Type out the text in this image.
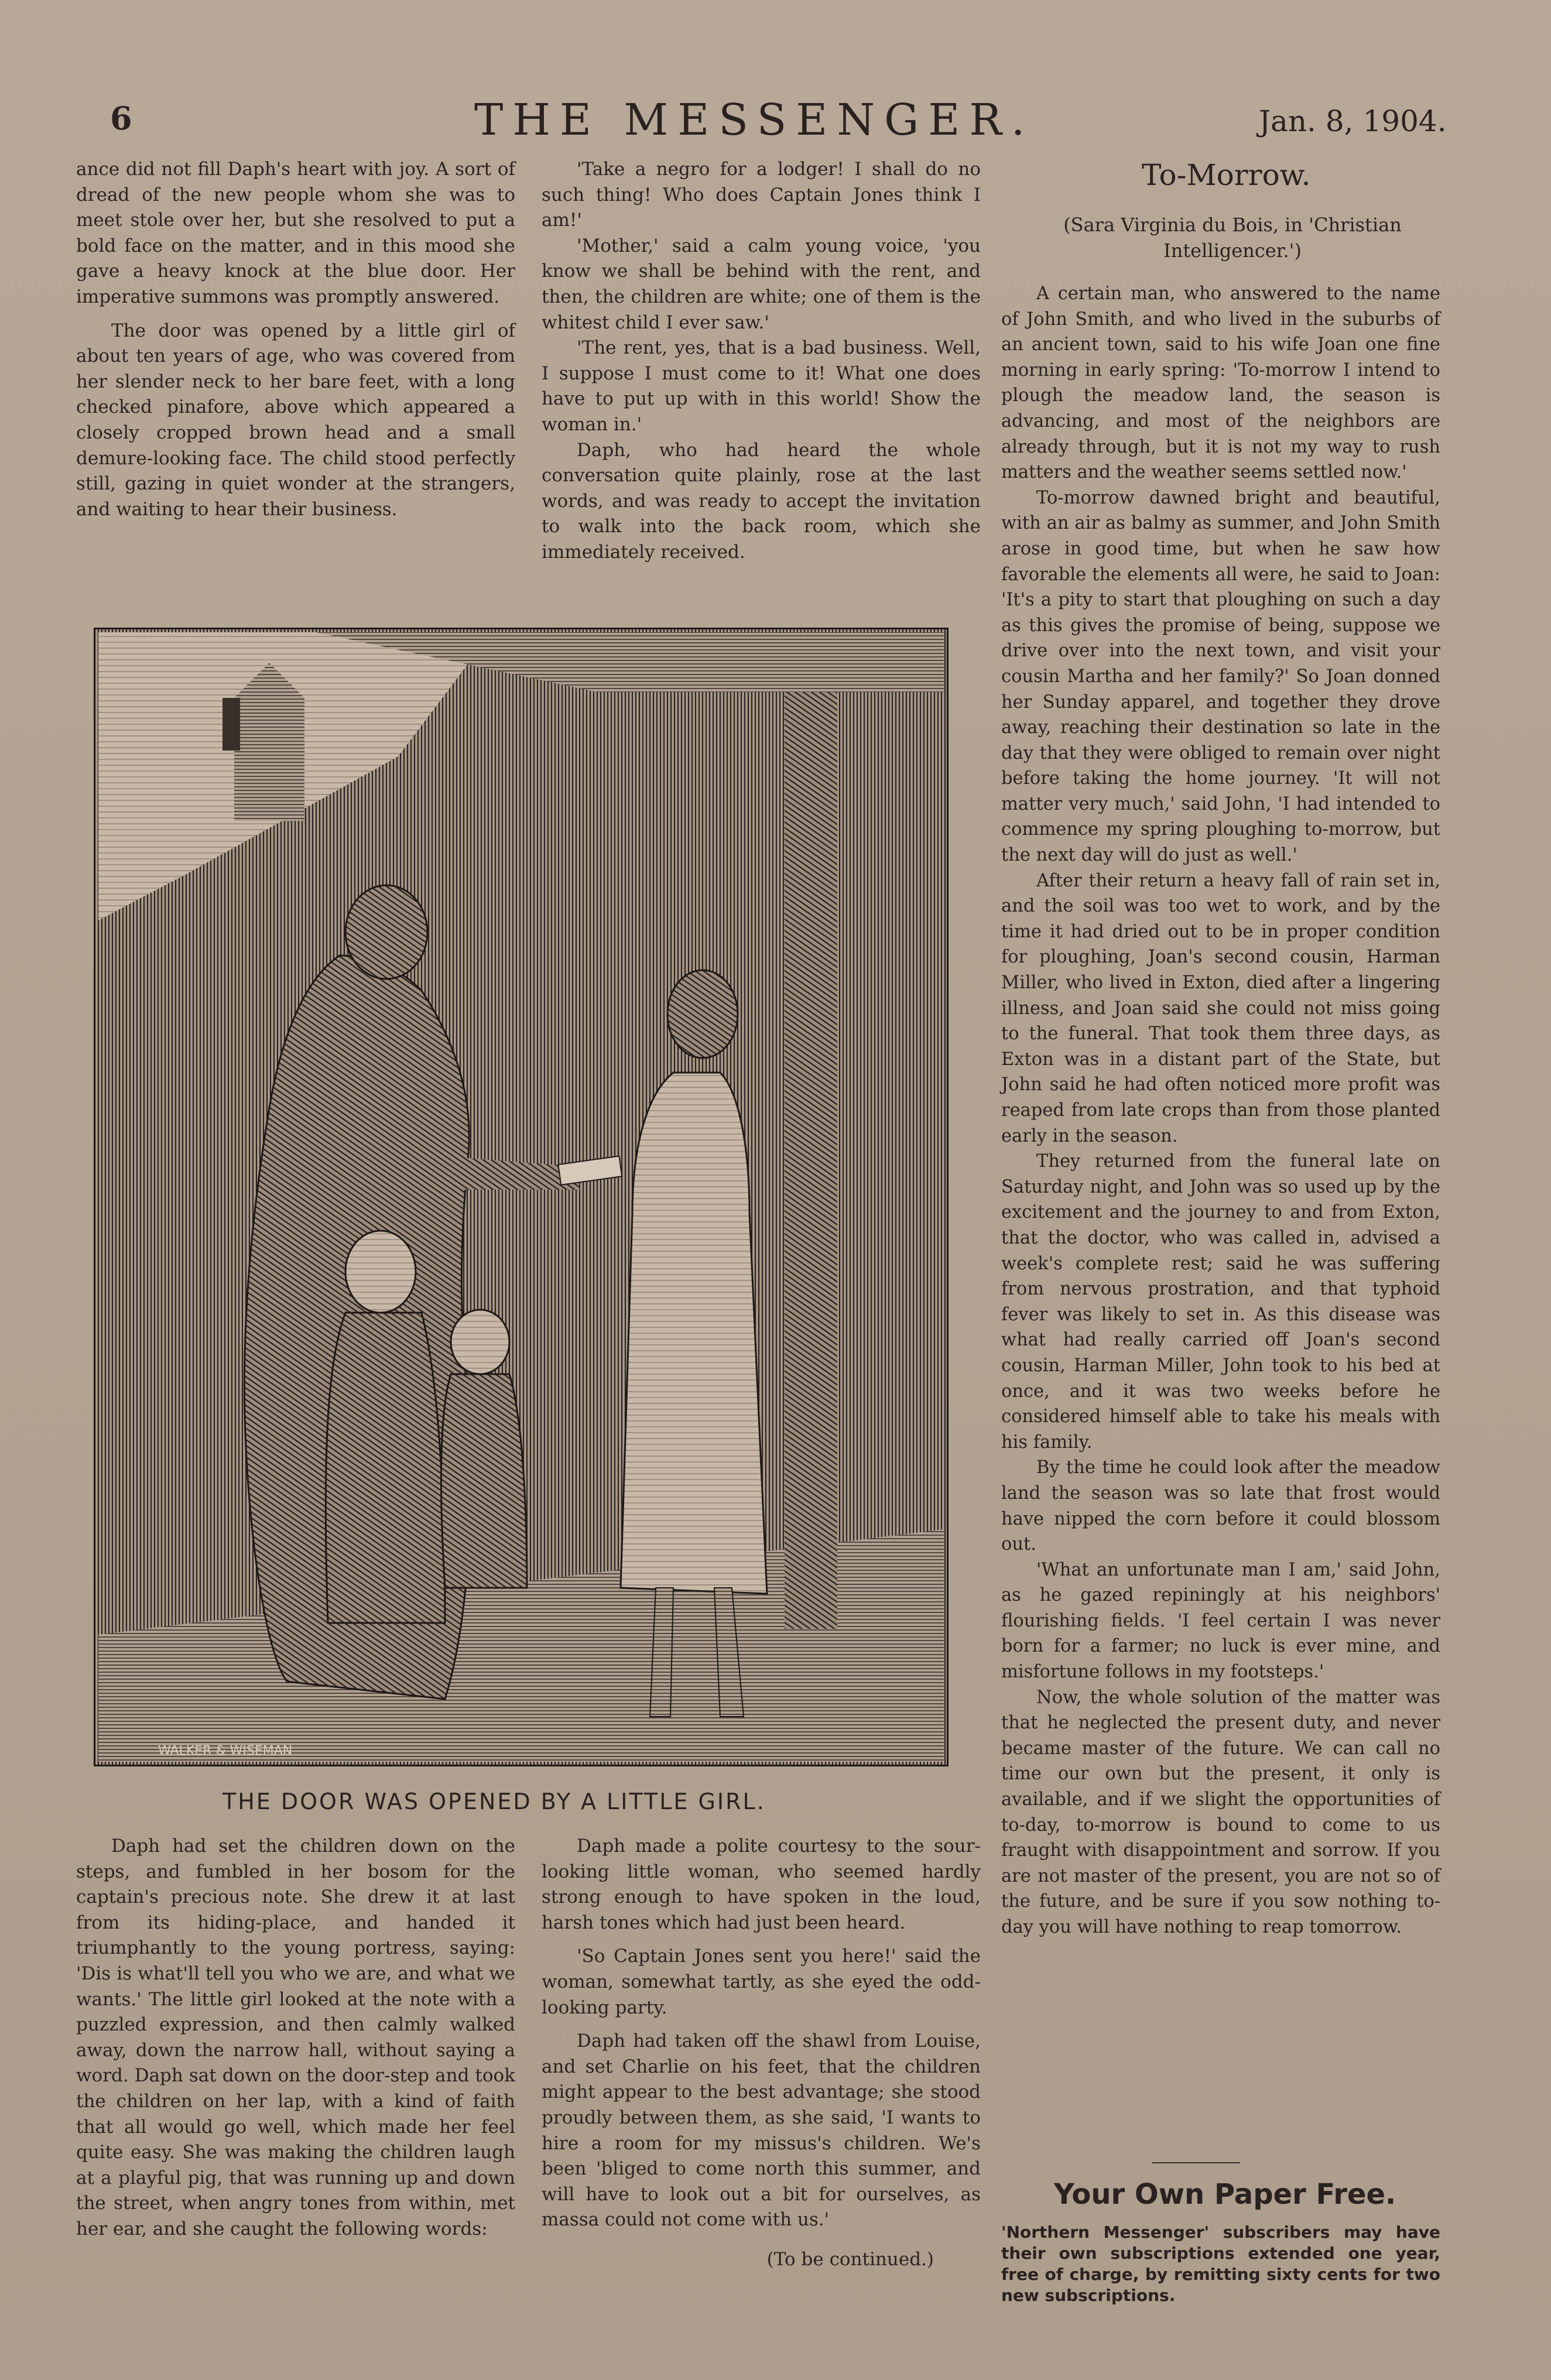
6	THE MESSENGER.	Jan. 8, 1904.

ance did not fill Daph's heart with joy. A sort of dread of the new people whom she was to meet stole over her, but she resolved to put a bold face on the matter, and in this mood she gave a heavy knock at the blue door. Her imperative summons was promptly answered.

The door was opened by a little girl of about ten years of age, who was covered from her slender neck to her bare feet, with a long checked pinafore, above which appeared a closely cropped brown head and a small demure-looking face. The child stood perfectly still, gazing in quiet wonder at the strangers, and waiting to hear their business.

'Take a negro for a lodger! I shall do no such thing! Who does Captain Jones think I am!'

'Mother,' said a calm young voice, 'you know we shall be behind with the rent, and then, the children are white; one of them is the whitest child I ever saw.'

'The rent, yes, that is a bad business. Well, I suppose I must come to it! What one does have to put up with in this world! Show the woman in.'

Daph, who had heard the whole conversation quite plainly, rose at the last words, and was ready to accept the invitation to walk into the back room, which she immediately received.

WALKER & WISEMAN
THE DOOR WAS OPENED BY A LITTLE GIRL.

Daph had set the children down on the steps, and fumbled in her bosom for the captain's precious note. She drew it at last from its hiding-place, and handed it triumphantly to the young portress, saying: 'Dis is what'll tell you who we are, and what we wants.' The little girl looked at the note with a puzzled expression, and then calmly walked away, down the narrow hall, without saying a word. Daph sat down on the door-step and took the children on her lap, with a kind of faith that all would go well, which made her feel quite easy. She was making the children laugh at a playful pig, that was running up and down the street, when angry tones from within, met her ear, and she caught the following words:

Daph made a polite courtesy to the sour-looking little woman, who seemed hardly strong enough to have spoken in the loud, harsh tones which had just been heard.

'So Captain Jones sent you here!' said the woman, somewhat tartly, as she eyed the odd-looking party.

Daph had taken off the shawl from Louise, and set Charlie on his feet, that the children might appear to the best advantage; she stood proudly between them, as she said, 'I wants to hire a room for my missus's children. We's been 'bliged to come north this summer, and will have to look out a bit for ourselves, as massa could not come with us.'

(To be continued.)

To-Morrow.
(Sara Virginia du Bois, in 'Christian Intelligencer.')

A certain man, who answered to the name of John Smith, and who lived in the suburbs of an ancient town, said to his wife Joan one fine morning in early spring: 'To-morrow I intend to plough the meadow land, the season is advancing, and most of the neighbors are already through, but it is not my way to rush matters and the weather seems settled now.'

To-morrow dawned bright and beautiful, with an air as balmy as summer, and John Smith arose in good time, but when he saw how favorable the elements all were, he said to Joan: 'It's a pity to start that ploughing on such a day as this gives the promise of being, suppose we drive over into the next town, and visit your cousin Martha and her family?' So Joan donned her Sunday apparel, and together they drove away, reaching their destination so late in the day that they were obliged to remain over night before taking the home journey. 'It will not matter very much,' said John, 'I had intended to commence my spring ploughing to-morrow, but the next day will do just as well.'

After their return a heavy fall of rain set in, and the soil was too wet to work, and by the time it had dried out to be in proper condition for ploughing, Joan's second cousin, Harman Miller, who lived in Exton, died after a lingering illness, and Joan said she could not miss going to the funeral. That took them three days, as Exton was in a distant part of the State, but John said he had often noticed more profit was reaped from late crops than from those planted early in the season.

They returned from the funeral late on Saturday night, and John was so used up by the excitement and the journey to and from Exton, that the doctor, who was called in, advised a week's complete rest; said he was suffering from nervous prostration, and that typhoid fever was likely to set in. As this disease was what had really carried off Joan's second cousin, Harman Miller, John took to his bed at once, and it was two weeks before he considered himself able to take his meals with his family.

By the time he could look after the meadow land the season was so late that frost would have nipped the corn before it could blossom out.

'What an unfortunate man I am,' said John, as he gazed repiningly at his neighbors' flourishing fields. 'I feel certain I was never born for a farmer; no luck is ever mine, and misfortune follows in my footsteps.'

Now, the whole solution of the matter was that he neglected the present duty, and never became master of the future. We can call no time our own but the present, it only is available, and if we slight the opportunities of to-day, to-morrow is bound to come to us fraught with disappointment and sorrow. If you are not master of the present, you are not so of the future, and be sure if you sow nothing to-day you will have nothing to reap tomorrow.

Your Own Paper Free.

'Northern Messenger' subscribers may have their own subscriptions extended one year, free of charge, by remitting sixty cents for two new subscriptions.
